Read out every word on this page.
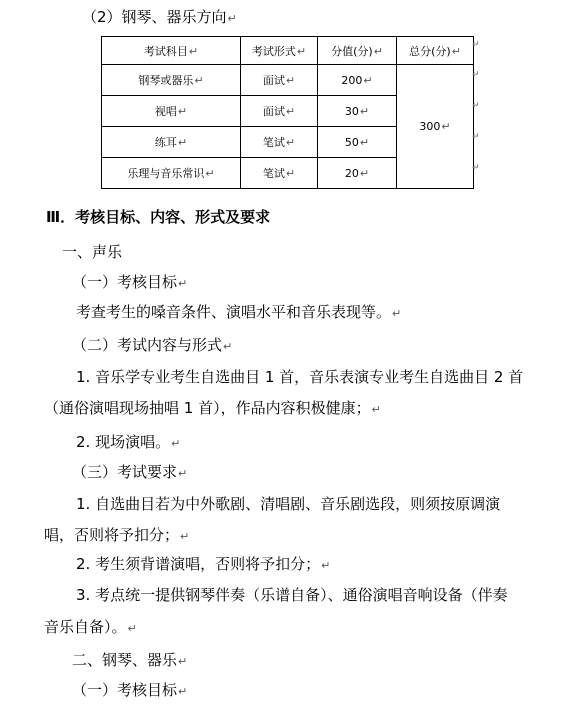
（2）钢琴、器乐方向↵
考试科目↵	考试形式↵	分值(分)↵	总分(分)↵
钢琴或器乐↵	面试↵	200↵	300↵
视唱↵	面试↵	30↵	
练耳↵	笔试↵	50↵	
乐理与音乐常识↵	笔试↵	20↵	
↵
↵
↵
↵
↵
Ⅲ．考核目标、内容、形式及要求
一、声乐
（一）考核目标↵
考查考生的嗓音条件、演唱水平和音乐表现等。↵
（二）考试内容与形式↵
1. 音乐学专业考生自选曲目 1 首，音乐表演专业考生自选曲目 2 首
（通俗演唱现场抽唱 1 首），作品内容积极健康；↵
2. 现场演唱。↵
（三）考试要求↵
1. 自选曲目若为中外歌剧、清唱剧、音乐剧选段，则须按原调演
唱，否则将予扣分；↵
2. 考生须背谱演唱，否则将予扣分；↵
3. 考点统一提供钢琴伴奏（乐谱自备）、通俗演唱音响设备（伴奏
音乐自备）。↵
二、钢琴、器乐↵
（一）考核目标↵
